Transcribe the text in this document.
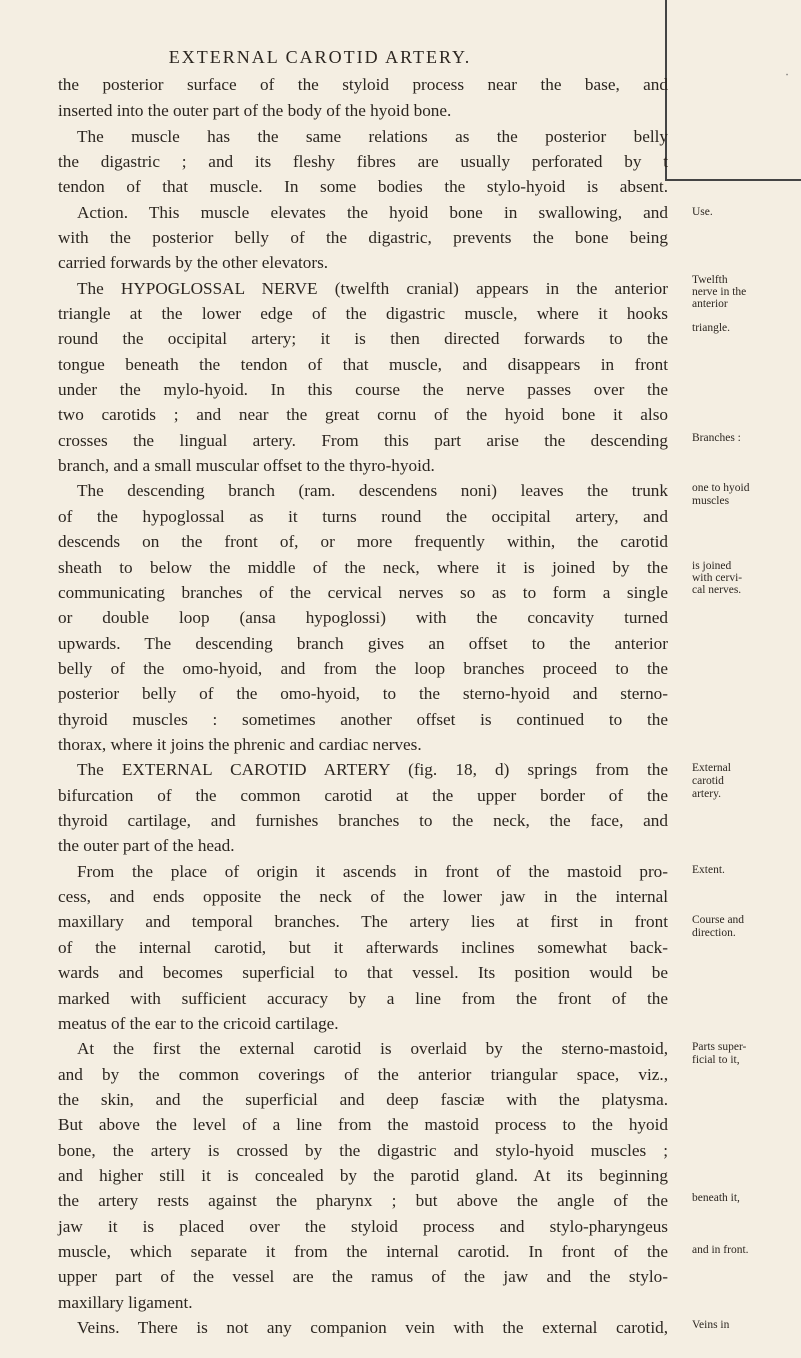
EXTERNAL CAROTID ARTERY.
ˑ
the posterior surface of the styloid process near the base, and
inserted into the outer part of the body of the hyoid bone.
The muscle has the same relations as the posterior belly
the digastric ; and its fleshy fibres are usually perforated by t
tendon of that muscle. In some bodies the stylo-hyoid is absent.
Action. This muscle elevates the hyoid bone in swallowing, and
with the posterior belly of the digastric, prevents the bone being
carried forwards by the other elevators.
The HYPOGLOSSAL NERVE (twelfth cranial) appears in the anterior
triangle at the lower edge of the digastric muscle, where it hooks
round the occipital artery; it is then directed forwards to the
tongue beneath the tendon of that muscle, and disappears in front
under the mylo-hyoid. In this course the nerve passes over the
two carotids ; and near the great cornu of the hyoid bone it also
crosses the lingual artery. From this part arise the descending
branch, and a small muscular offset to the thyro-hyoid.
The descending branch (ram. descendens noni) leaves the trunk
of the hypoglossal as it turns round the occipital artery, and
descends on the front of, or more frequently within, the carotid
sheath to below the middle of the neck, where it is joined by the
communicating branches of the cervical nerves so as to form a single
or double loop (ansa hypoglossi) with the concavity turned
upwards. The descending branch gives an offset to the anterior
belly of the omo-hyoid, and from the loop branches proceed to the
posterior belly of the omo-hyoid, to the sterno-hyoid and sterno-
thyroid muscles : sometimes another offset is continued to the
thorax, where it joins the phrenic and cardiac nerves.
The EXTERNAL CAROTID ARTERY (fig. 18, d) springs from the
bifurcation of the common carotid at the upper border of the
thyroid cartilage, and furnishes branches to the neck, the face, and
the outer part of the head.
From the place of origin it ascends in front of the mastoid pro-
cess, and ends opposite the neck of the lower jaw in the internal
maxillary and temporal branches. The artery lies at first in front
of the internal carotid, but it afterwards inclines somewhat back-
wards and becomes superficial to that vessel. Its position would be
marked with sufficient accuracy by a line from the front of the
meatus of the ear to the cricoid cartilage.
At the first the external carotid is overlaid by the sterno-mastoid,
and by the common coverings of the anterior triangular space, viz.,
the skin, and the superficial and deep fasciæ with the platysma.
But above the level of a line from the mastoid process to the hyoid
bone, the artery is crossed by the digastric and stylo-hyoid muscles ;
and higher still it is concealed by the parotid gland. At its beginning
the artery rests against the pharynx ; but above the angle of the
jaw it is placed over the styloid process and stylo-pharyngeus
muscle, which separate it from the internal carotid. In front of the
upper part of the vessel are the ramus of the jaw and the stylo-
maxillary ligament.
Veins. There is not any companion vein with the external carotid,
Use.
Twelfth
nerve in the
anterior
triangle.
Branches :
one to hyoid
muscles
is joined
with cervi-
cal nerves.
External
carotid
artery.
Extent.
Course and
direction.
Parts super-
ficial to it,
beneath it,
and in front.
Veins in
